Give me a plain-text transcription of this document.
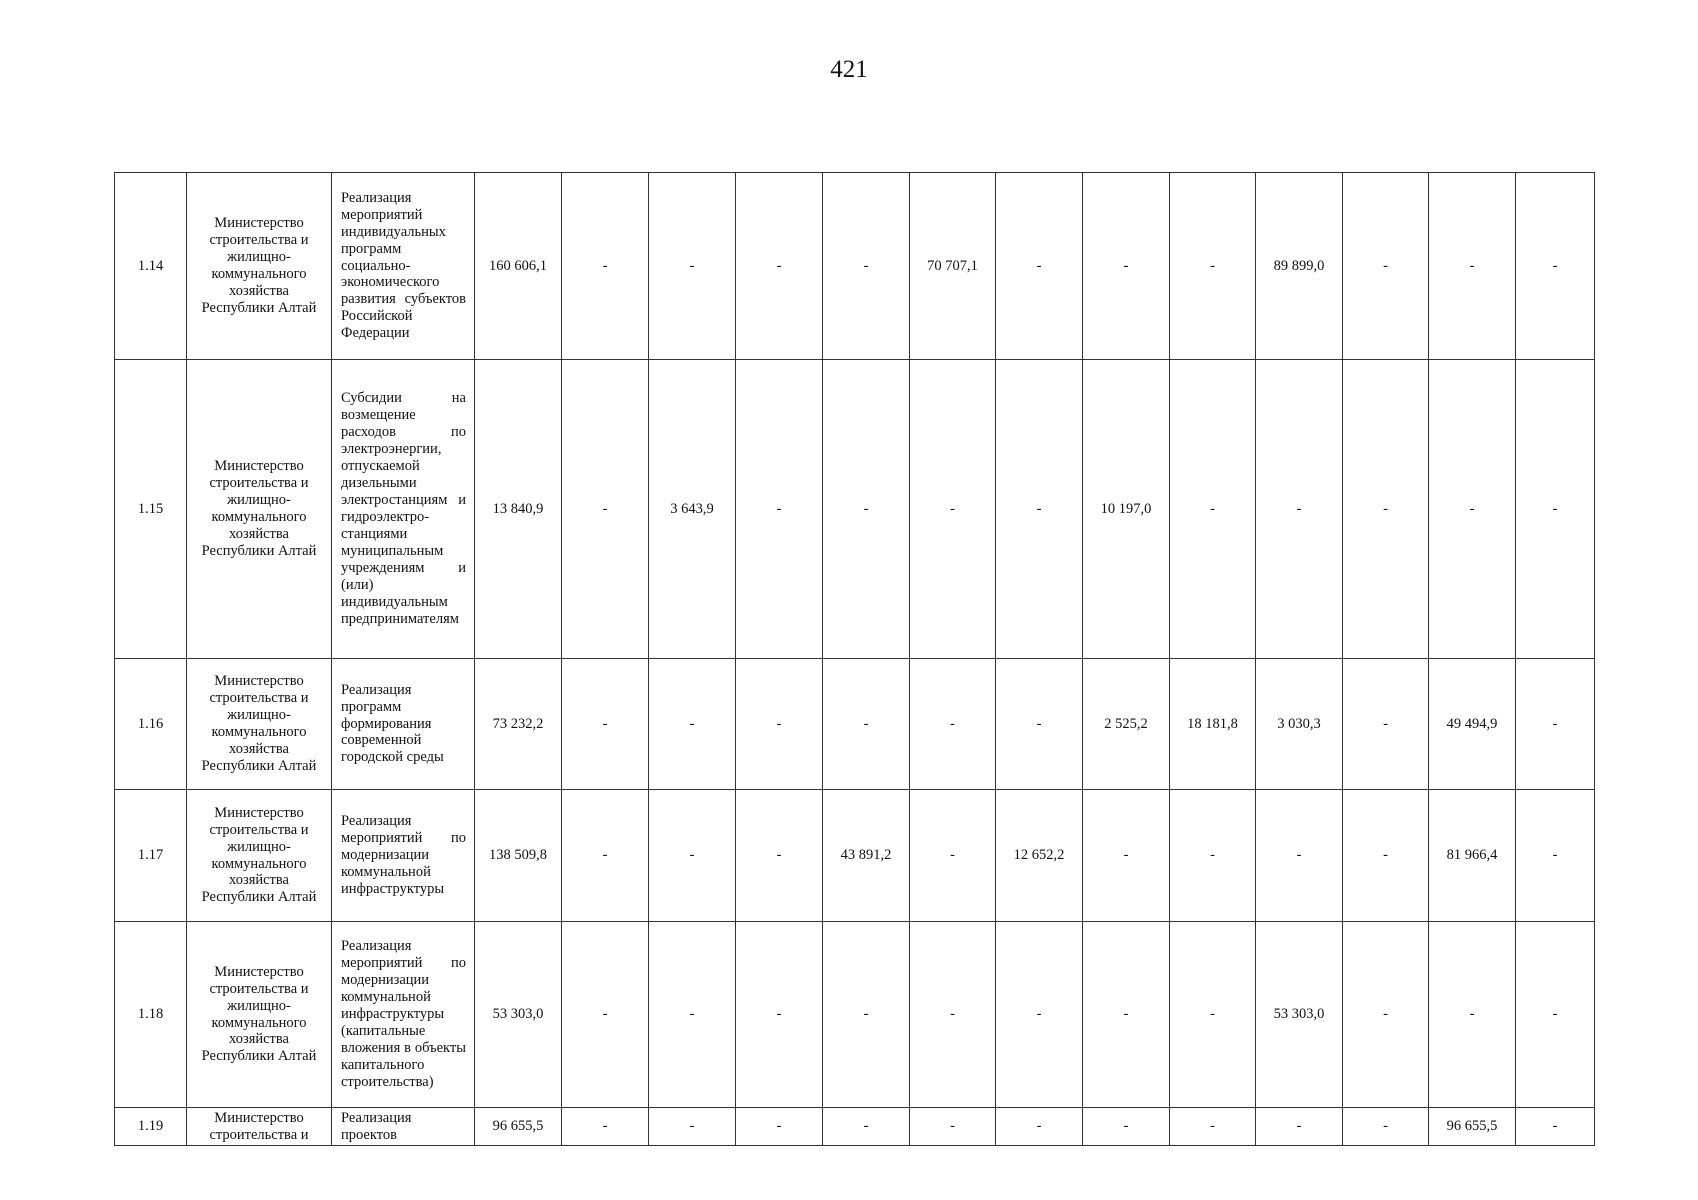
421
1.14	Министерство строительства и жилищно-коммунального хозяйства Республики Алтай	Реализация мероприятий индивидуальных программ социально-экономического развития субъектов Российской Федерации	160 606,1	-	-	-	-	70 707,1	-	-	-	89 899,0	-	-	-
1.15	Министерство строительства и жилищно-коммунального хозяйства Республики Алтай	Субсидии на возмещение расходов по электроэнергии, отпускаемой дизельными электростанциям и гидроэлектро-станциями муниципальным учреждениям и (или) индивидуальным предпринимателям	13 840,9	-	3 643,9	-	-	-	-	10 197,0	-	-	-	-	-
1.16	Министерство строительства и жилищно-коммунального хозяйства Республики Алтай	Реализация программ формирования современной городской среды	73 232,2	-	-	-	-	-	-	2 525,2	18 181,8	3 030,3	-	49 494,9	-
1.17	Министерство строительства и жилищно-коммунального хозяйства Республики Алтай	Реализация мероприятий по модернизации коммунальной инфраструктуры	138 509,8	-	-	-	43 891,2	-	12 652,2	-	-	-	-	81 966,4	-
1.18	Министерство строительства и жилищно-коммунального хозяйства Республики Алтай	Реализация мероприятий по модернизации коммунальной инфраструктуры (капитальные вложения в объекты капитального строительства)	53 303,0	-	-	-	-	-	-	-	-	53 303,0	-	-	-
1.19	Министерство строительства и	Реализация проектов	96 655,5	-	-	-	-	-	-	-	-	-	-	96 655,5	-
